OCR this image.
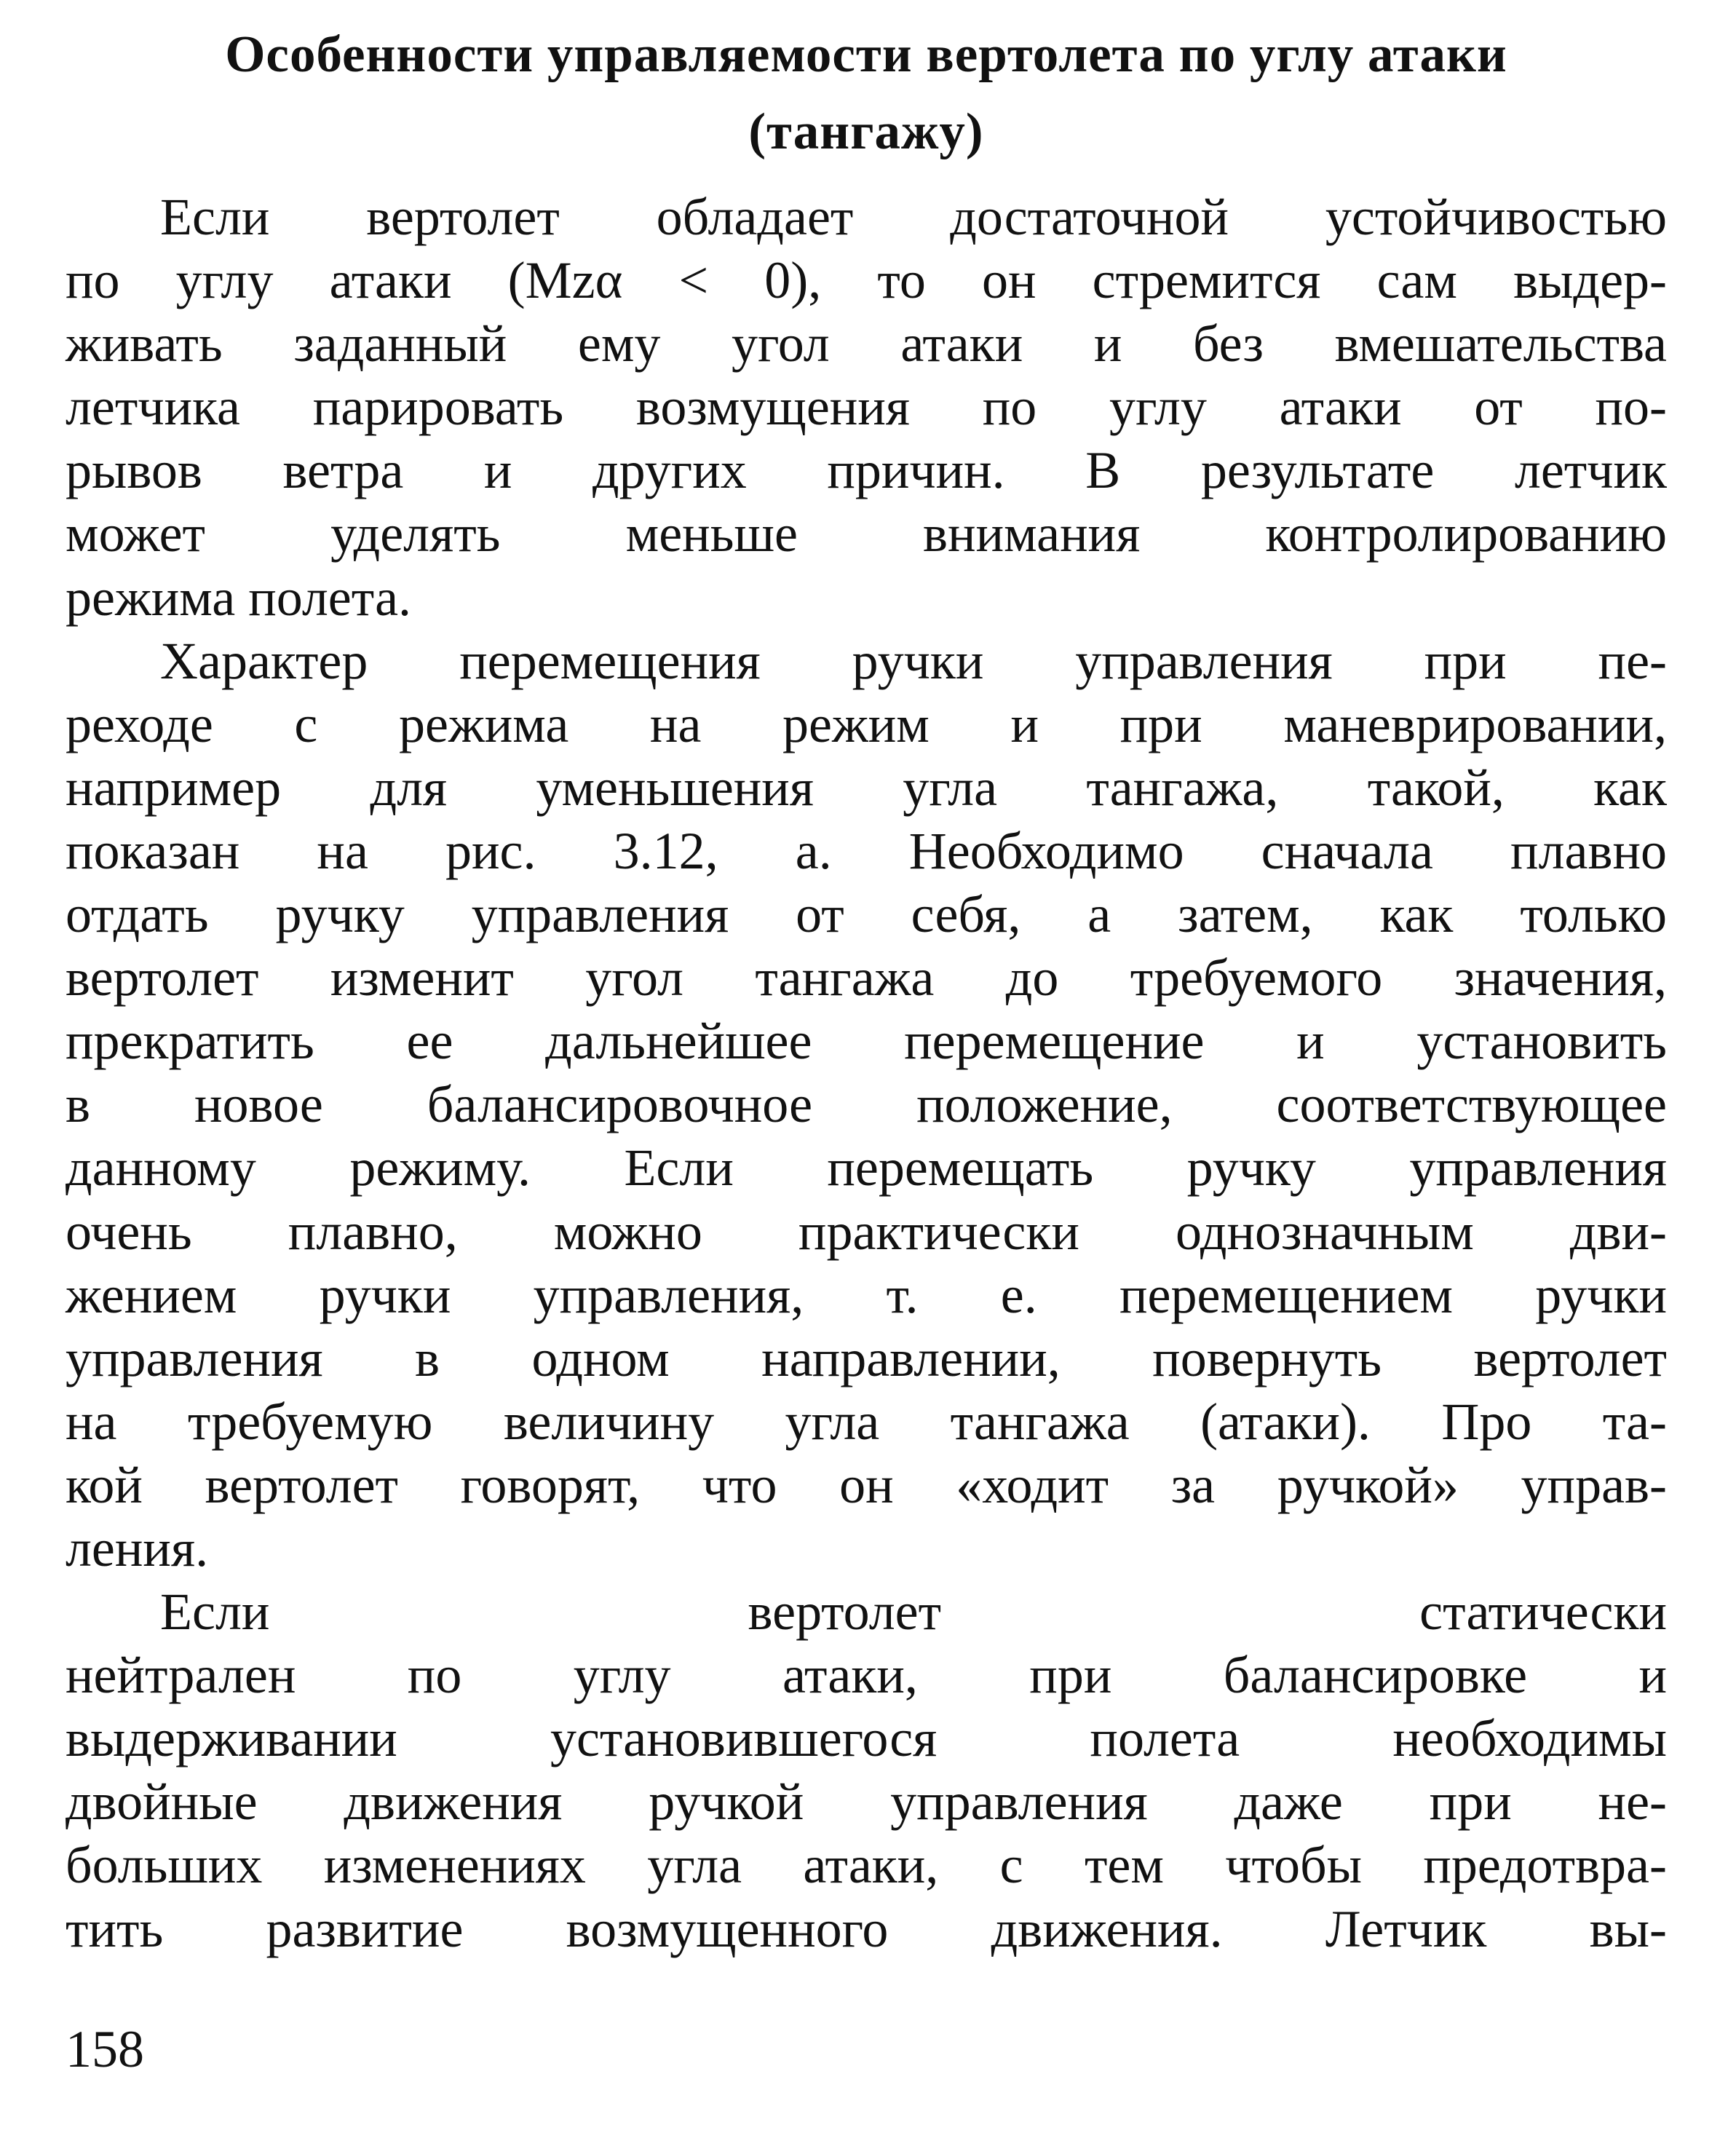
Особенности управляемости вертолета по углу атаки
(тангажу)
Если вертолет обладает достаточной устойчивостью
по углу атаки (Mzα < 0), то он стремится сам выдер-
живать заданный ему угол атаки и без вмешательства
летчика парировать возмущения по углу атаки от по-
рывов ветра и других причин. В результате летчик
может уделять меньше внимания контролированию
режима полета.
Характер перемещения ручки управления при пе-
реходе с режима на режим и при маневрировании,
например для уменьшения угла тангажа, такой, как
показан на рис. 3.12, а. Необходимо сначала плавно
отдать ручку управления от себя, а затем, как только
вертолет изменит угол тангажа до требуемого значения,
прекратить ее дальнейшее перемещение и установить
в новое балансировочное положение, соответствующее
данному режиму. Если перемещать ручку управления
очень плавно, можно практически однозначным дви-
жением ручки управления, т. е. перемещением ручки
управления в одном направлении, повернуть вертолет
на требуемую величину угла тангажа (атаки). Про та-
кой вертолет говорят, что он «ходит за ручкой» управ-
ления.
Если вертолет статически
нейтрален по углу атаки, при балансировке и
выдерживании установившегося полета необходимы
двойные движения ручкой управления даже при не-
больших изменениях угла атаки, с тем чтобы предотвра-
тить развитие возмущенного движения. Летчик вы-
158
